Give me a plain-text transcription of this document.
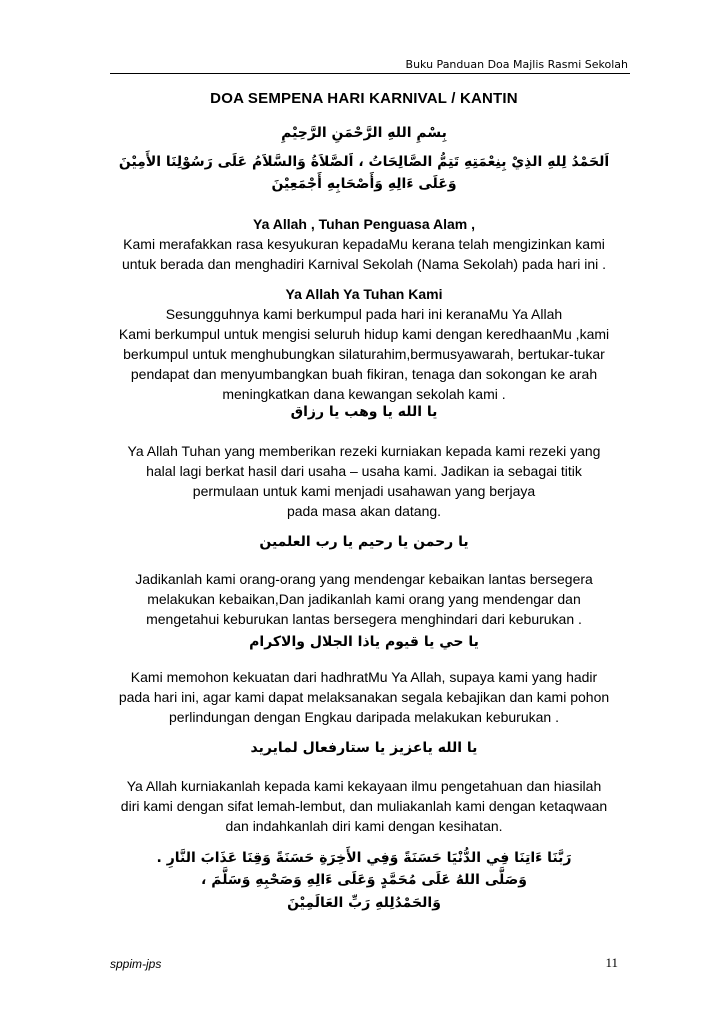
Buku Panduan Doa Majlis Rasmi Sekolah
DOA SEMPENA HARI KARNIVAL / KANTIN
بِسْمِ اللهِ الرَّحْمَنِ الرَّحِيْمِ
اَلحَمْدُ لِلهِ الذِيْ بِنِعْمَتِهِ تَتِمُّ الصَّالِحَاتُ ، اَلصَّلاَةُ وَالسَّلاَمُ عَلَى رَسُوْلِنَا الأَمِيْنَ
وَعَلَى ءَالِهِ وَأَصْحَابِهِ أَجْمَعِيْنَ
Ya Allah , Tuhan Penguasa Alam ,
Kami merafakkan rasa kesyukuran kepadaMu kerana telah mengizinkan kami
untuk berada dan menghadiri Karnival Sekolah (Nama Sekolah) pada hari ini .
Ya Allah Ya Tuhan Kami
Sesungguhnya kami berkumpul pada hari ini keranaMu Ya Allah
Kami berkumpul untuk mengisi seluruh hidup kami dengan keredhaanMu ,kami
berkumpul untuk menghubungkan silaturahim,bermusyawarah, bertukar-tukar
pendapat dan menyumbangkan buah fikiran, tenaga dan sokongan ke arah
meningkatkan dana kewangan sekolah kami .
يا الله يا وهب يا رزاق
Ya Allah Tuhan yang memberikan rezeki kurniakan kepada kami rezeki yang
halal lagi berkat hasil dari usaha – usaha kami. Jadikan ia sebagai titik
permulaan untuk kami menjadi usahawan yang berjaya
pada masa akan datang.
يا رحمن يا رحيم يا رب العلمين
Jadikanlah kami orang-orang yang mendengar kebaikan lantas bersegera
melakukan kebaikan,Dan jadikanlah kami orang yang mendengar dan
mengetahui keburukan lantas bersegera menghindari dari keburukan .
يا حي يا قيوم ياذا الجلال والاكرام
Kami memohon kekuatan dari hadhratMu Ya Allah, supaya kami yang hadir
pada hari ini, agar kami dapat melaksanakan segala kebajikan dan kami pohon
perlindungan dengan Engkau daripada melakukan keburukan .
يا الله ياعزيز يا ستارفعال لمايريد
Ya Allah kurniakanlah kepada kami kekayaan ilmu pengetahuan dan hiasilah
diri kami dengan sifat lemah-lembut, dan muliakanlah kami dengan ketaqwaan
dan indahkanlah diri kami dengan kesihatan.
رَبَّنَا ءَاتِنَا فِي الدُّنْيَا حَسَنَةً وَفِي الأَخِرَةِ حَسَنَةً وَقِنَا عَذَابَ النَّارِ .
وَصَلَّى اللهُ عَلَى مُحَمَّدٍ وَعَلَى ءَالِهِ وَصَحْبِهِ وَسَلَّمَ ،
وَالحَمْدُلِلهِ رَبِّ العَالَمِيْنَ
sppim-jps	11
